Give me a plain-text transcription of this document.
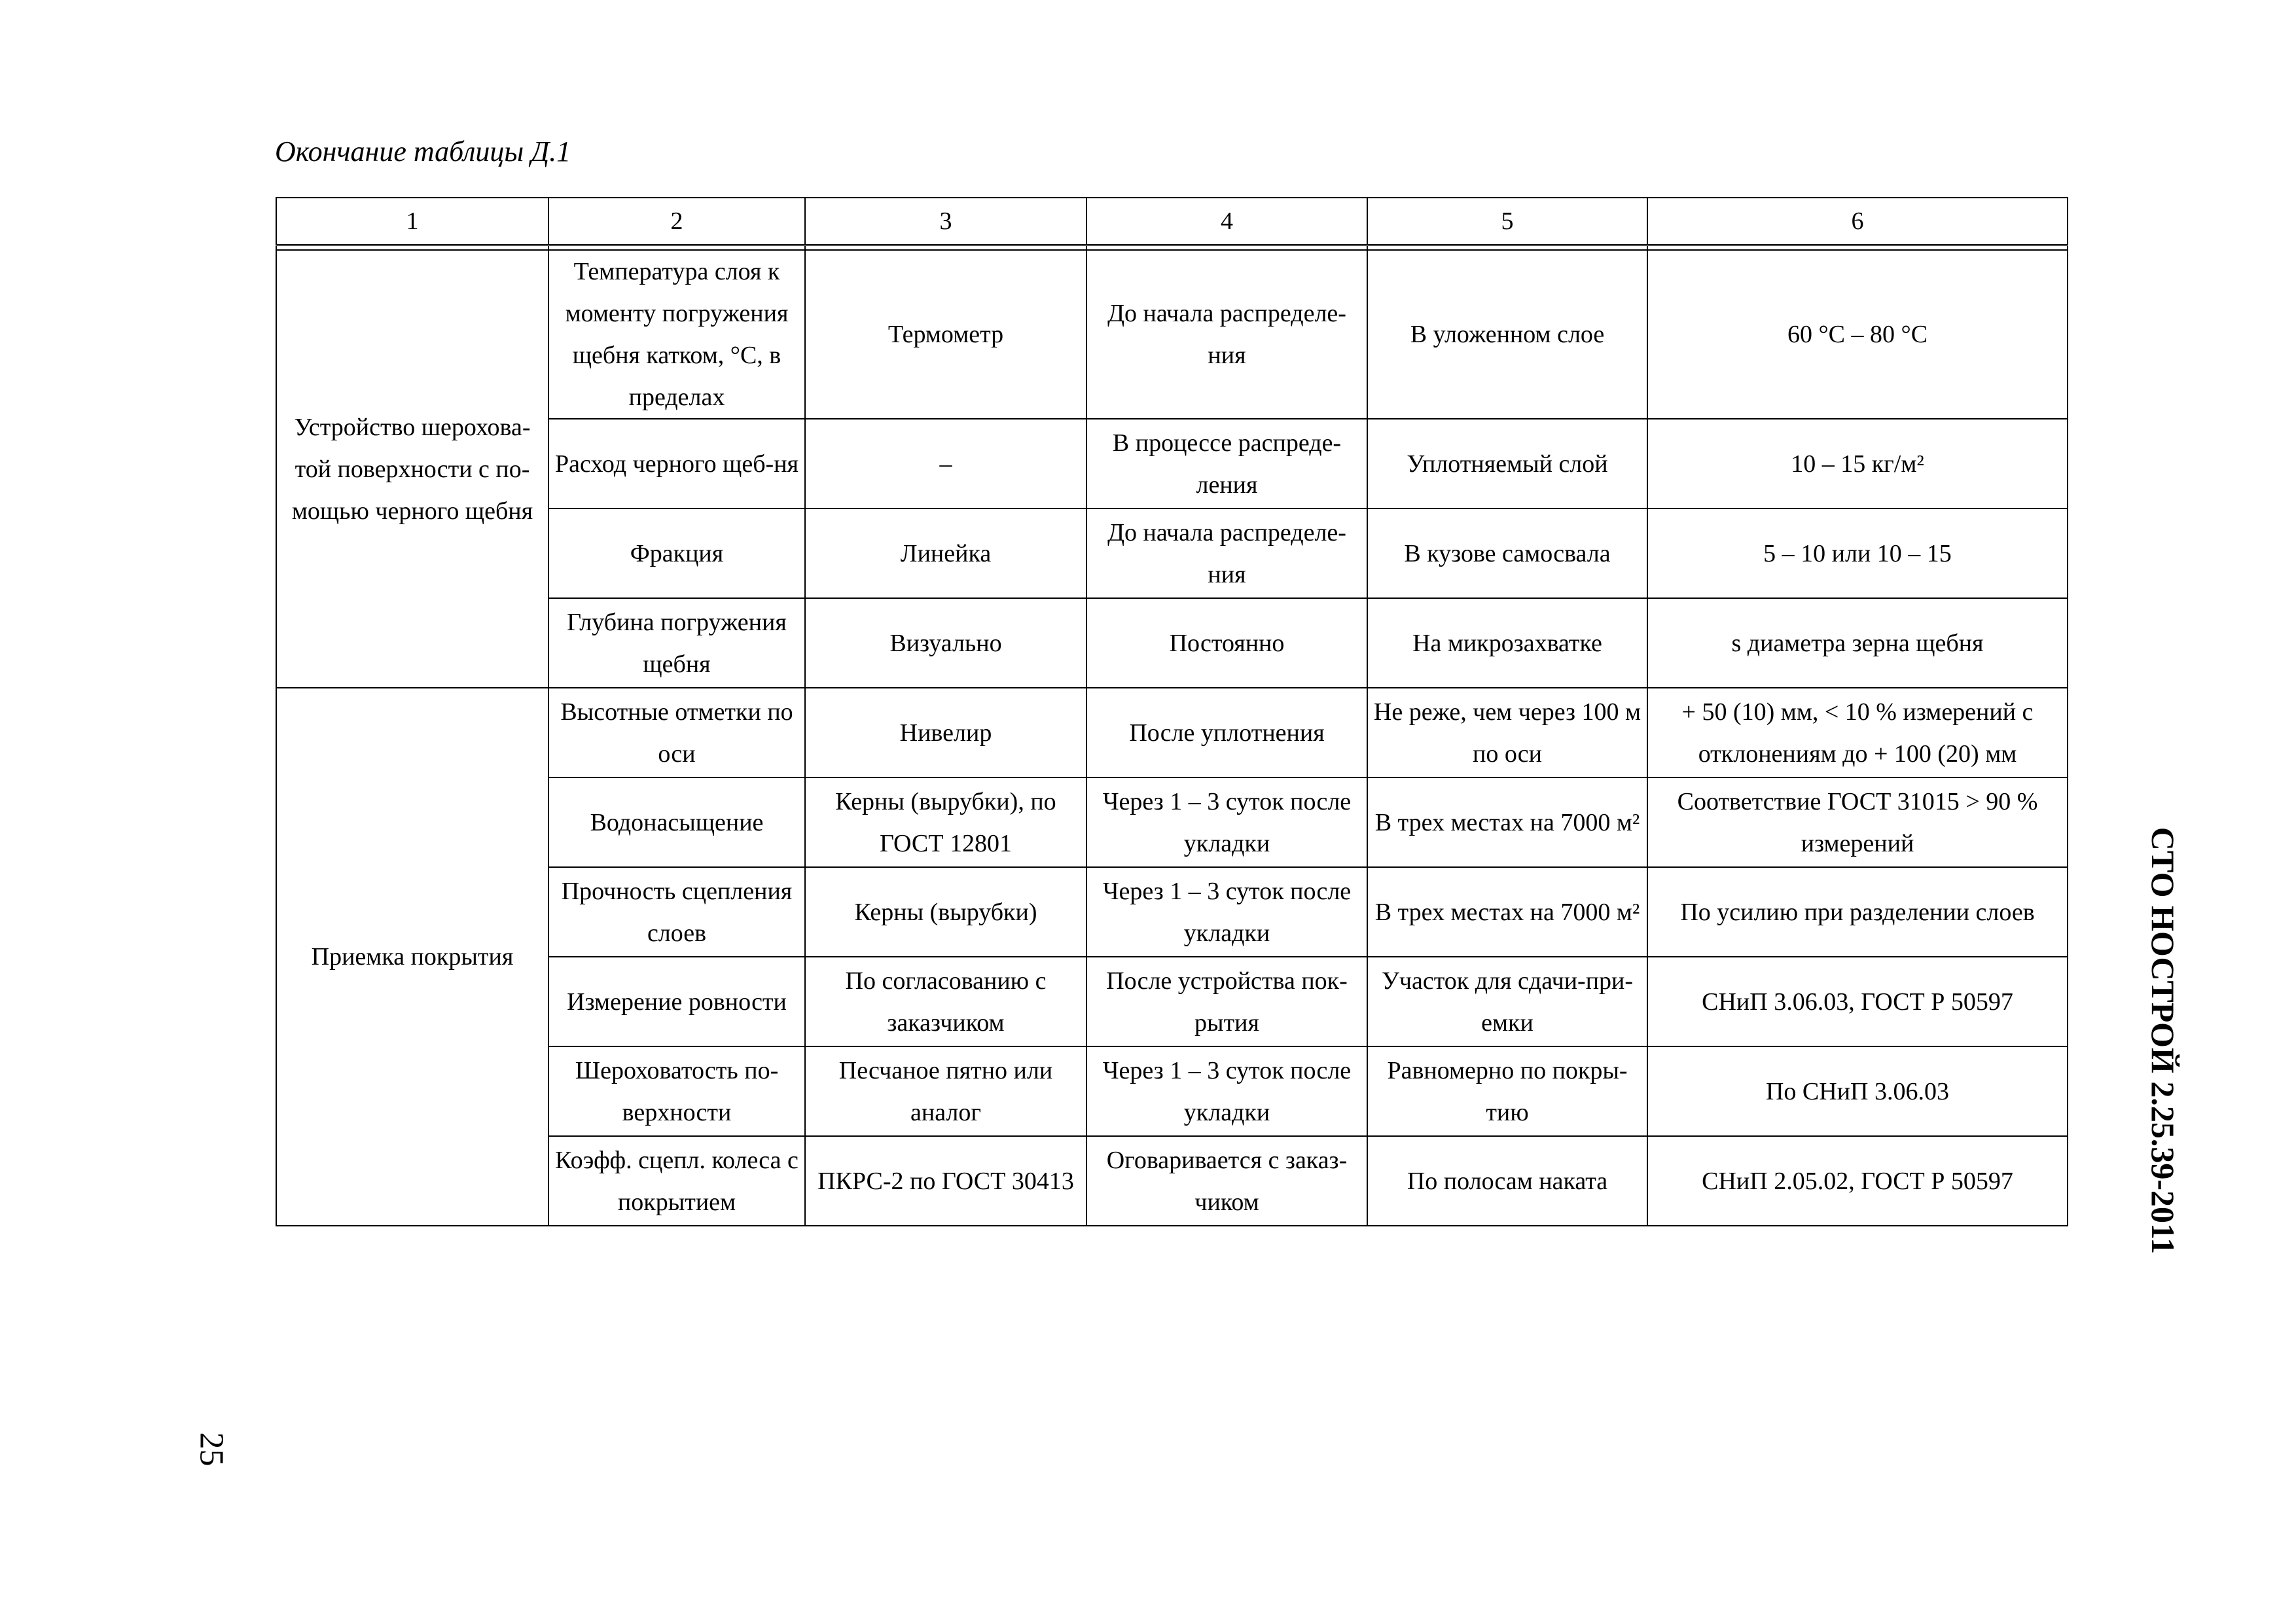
Окончание таблицы Д.1
1	2	3	4	5	6

Устройство шерохова-той поверхности с по-мощью черного щебня	Температура слоя к моменту погружения щебня катком, °C, в пределах	Термометр	До начала распределе-ния	В уложенном слое	60 °С – 80 °С
	Расход черного щеб-ня	–	В процессе распреде-ления	Уплотняемый слой	10 – 15 кг/м²
	Фракция	Линейка	До начала распределе-ния	В кузове самосвала	5 – 10 или 10 – 15
	Глубина погружения щебня	Визуально	Постоянно	На микрозахватке	s диаметра зерна щебня
Приемка покрытия	Высотные отметки по оси	Нивелир	После уплотнения	Не реже, чем через 100 м по оси	+ 50 (10) мм, < 10 % измерений с отклонениям до + 100 (20) мм
	Водонасыщение	Керны (вырубки), по ГОСТ 12801	Через 1 – 3 суток после укладки	В трех местах на 7000 м²	Соответствие ГОСТ 31015 > 90 % измерений
	Прочность сцепления слоев	Керны (вырубки)	Через 1 – 3 суток после укладки	В трех местах на 7000 м²	По усилию при разделении слоев
	Измерение ровности	По согласованию с заказчиком	После устройства пок-рытия	Участок для сдачи-при-емки	СНиП 3.06.03, ГОСТ Р 50597
	Шероховатость по-верхности	Песчаное пятно или аналог	Через 1 – 3 суток после укладки	Равномерно по покры-тию	По СНиП 3.06.03
	Коэфф. сцепл. колеса с покрытием	ПКРС-2 по ГОСТ 30413	Оговаривается с заказ-чиком	По полосам наката	СНиП 2.05.02, ГОСТ Р 50597
25
СТО НОСТРОЙ 2.25.39-2011
